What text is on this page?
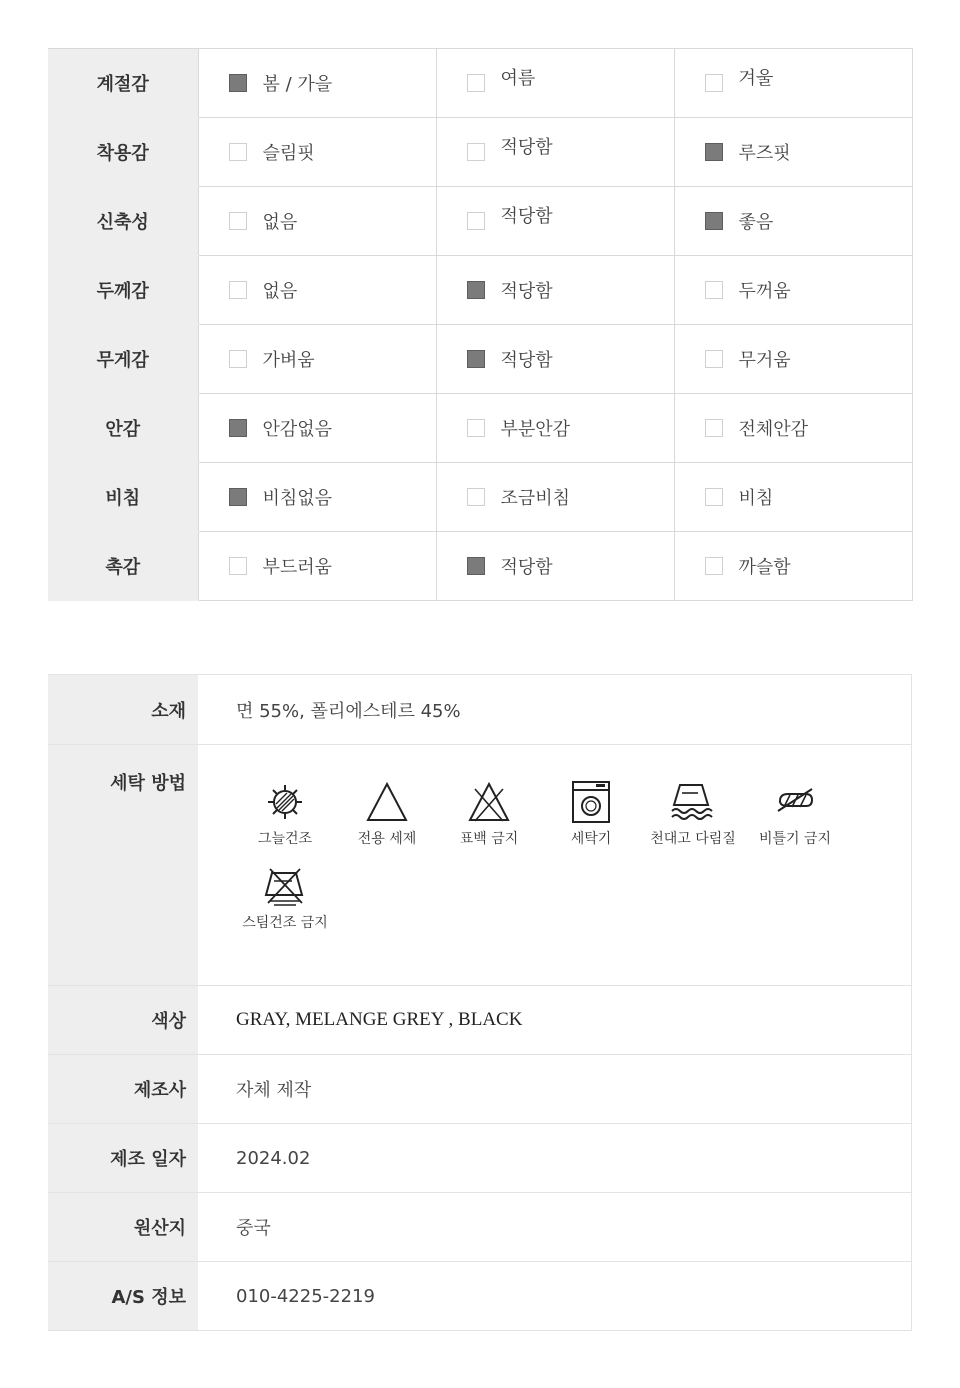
계절감	봄 / 가을	여름	겨울

착용감	슬림핏	적당함	루즈핏

신축성	없음	적당함	좋음

두께감	없음	적당함	두꺼움

무게감	가벼움	적당함	무거움

안감	안감없음	부분안감	전체안감

비침	비침없음	조금비침	비침

촉감	부드러움	적당함	까슬함
소재	면 55%, 폴리에스테르 45%
세탁 방법
그늘건조	전용 세제	표백 금지	세탁기	천대고 다림질	비틀기 금지
스팀건조 금지
색상	GRAY, MELANGE GREY , BLACK
제조사	자체 제작
제조 일자	2024.02
원산지	중국
A/S 정보	010-4225-2219
